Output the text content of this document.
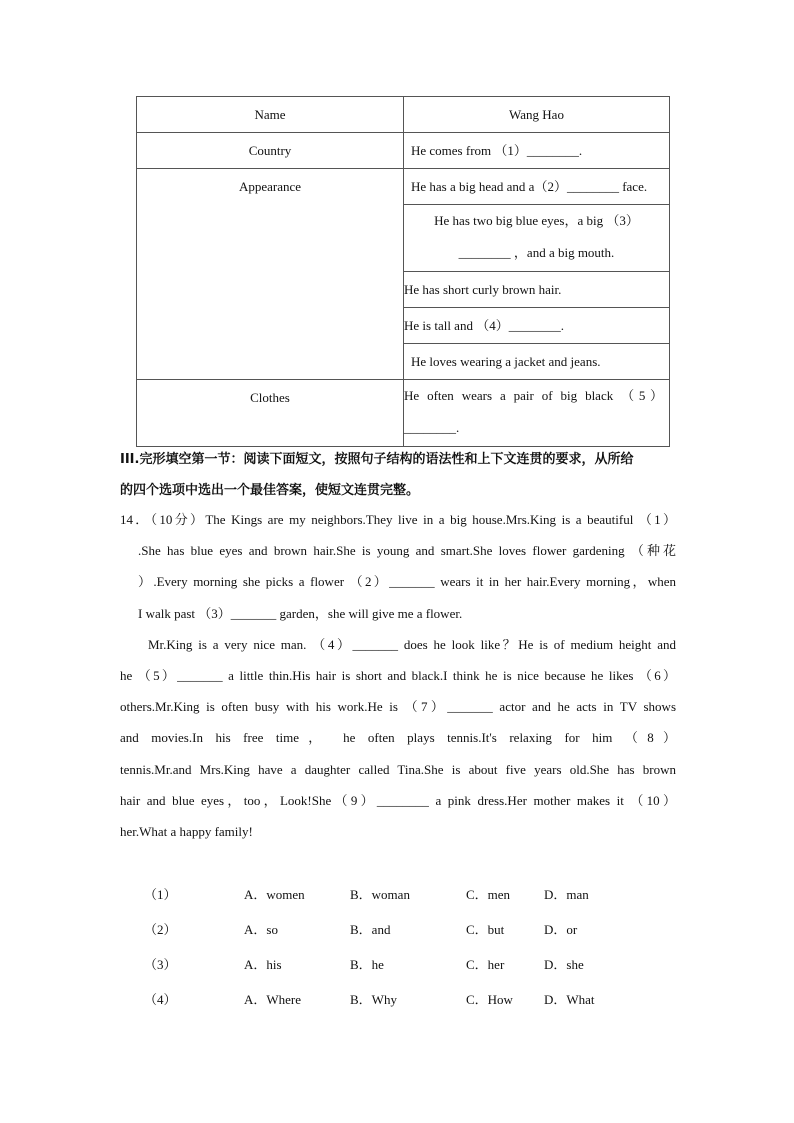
Name	Wang Hao

Country	He comes from （1）________.

Appearance	He has a big head and a（2）________ face.

	He has two big blue eyes，a big （3）
________ ，and a big mouth.

	He has short curly brown hair.

	He is tall and （4）________.

	He loves wearing a jacket and jeans.

Clothes	He often wears a pair of big black （5）
________.
III.完形填空第一节：阅读下面短文，按照句子结构的语法性和上下文连贯的要求，从所给
的四个选项中选出一个最佳答案，使短文连贯完整。
14．（10分）The Kings are my neighbors.They live in a big house.Mrs.King is a beautiful （1）
.She has blue eyes and brown hair.She is young and smart.She loves flower gardening （种花
）.Every morning she picks a flower （2）_______ wears it in her hair.Every morning，when
I walk past （3）_______ garden，she will give me a flower.
Mr.King is a very nice man. （4）_______ does he look like？He is of medium height and
he （5）_______ a little thin.His hair is short and black.I think he is nice because he likes （6）
others.Mr.King is often busy with his work.He is （7）_______ actor and he acts in TV shows
and movies.In his free time， he often plays tennis.It's relaxing for him （8）
tennis.Mr.and Mrs.King have a daughter called Tina.She is about five years old.She has brown
hair and blue eyes，too，Look!She（9）________ a pink dress.Her mother makes it （10）
her.What a happy family!
（1）	A．women	B．woman	C．men	D．man
（2）	A．so	B．and	C．but	D．or
（3）	A．his	B．he	C．her	D．she
（4）	A．Where	B．Why	C．How D．What
